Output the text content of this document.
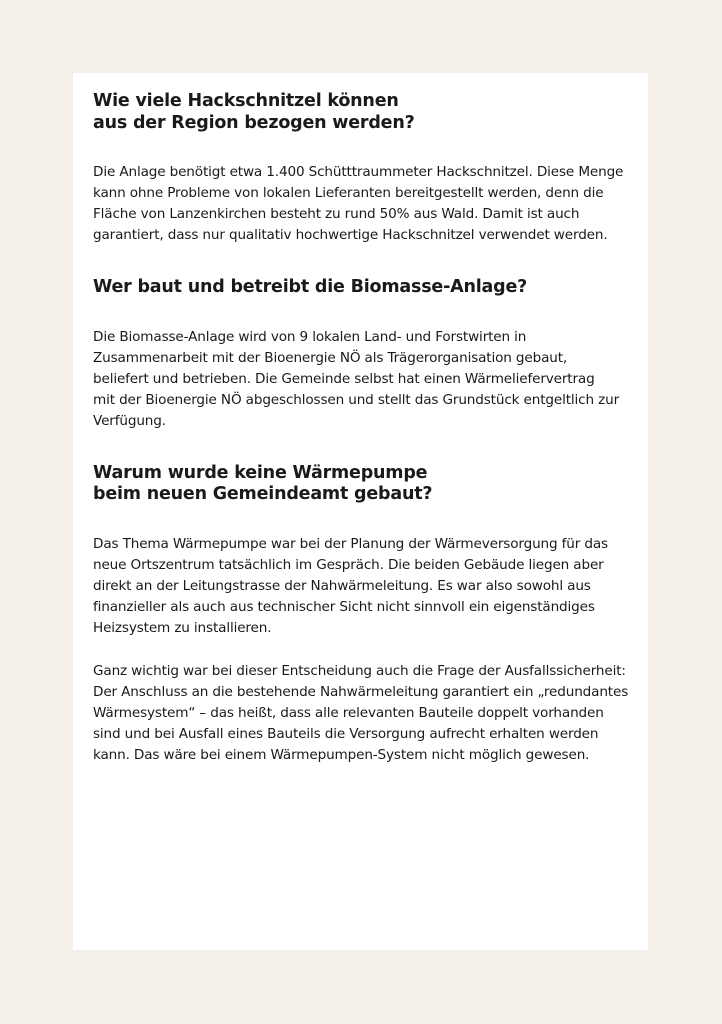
Wie viele Hackschnitzel können
aus der Region bezogen werden?

Die Anlage benötigt etwa 1.400 Schütttraummeter Hackschnitzel. Diese Menge
kann ohne Probleme von lokalen Lieferanten bereitgestellt werden, denn die
Fläche von Lanzenkirchen besteht zu rund 50% aus Wald. Damit ist auch
garantiert, dass nur qualitativ hochwertige Hackschnitzel verwendet werden.

Wer baut und betreibt die Biomasse-Anlage?

Die Biomasse-Anlage wird von 9 lokalen Land- und Forstwirten in
Zusammenarbeit mit der Bioenergie NÖ als Trägerorganisation gebaut,
beliefert und betrieben. Die Gemeinde selbst hat einen Wärmeliefervertrag
mit der Bioenergie NÖ abgeschlossen und stellt das Grundstück entgeltlich zur
Verfügung.

Warum wurde keine Wärmepumpe
beim neuen Gemeindeamt gebaut?

Das Thema Wärmepumpe war bei der Planung der Wärmeversorgung für das
neue Ortszentrum tatsächlich im Gespräch. Die beiden Gebäude liegen aber
direkt an der Leitungstrasse der Nahwärmeleitung. Es war also sowohl aus
finanzieller als auch aus technischer Sicht nicht sinnvoll ein eigenständiges
Heizsystem zu installieren.

Ganz wichtig war bei dieser Entscheidung auch die Frage der Ausfallssicherheit:
Der Anschluss an die bestehende Nahwärmeleitung garantiert ein „redundantes
Wärmesystem“ – das heißt, dass alle relevanten Bauteile doppelt vorhanden
sind und bei Ausfall eines Bauteils die Versorgung aufrecht erhalten werden
kann. Das wäre bei einem Wärmepumpen-System nicht möglich gewesen.
